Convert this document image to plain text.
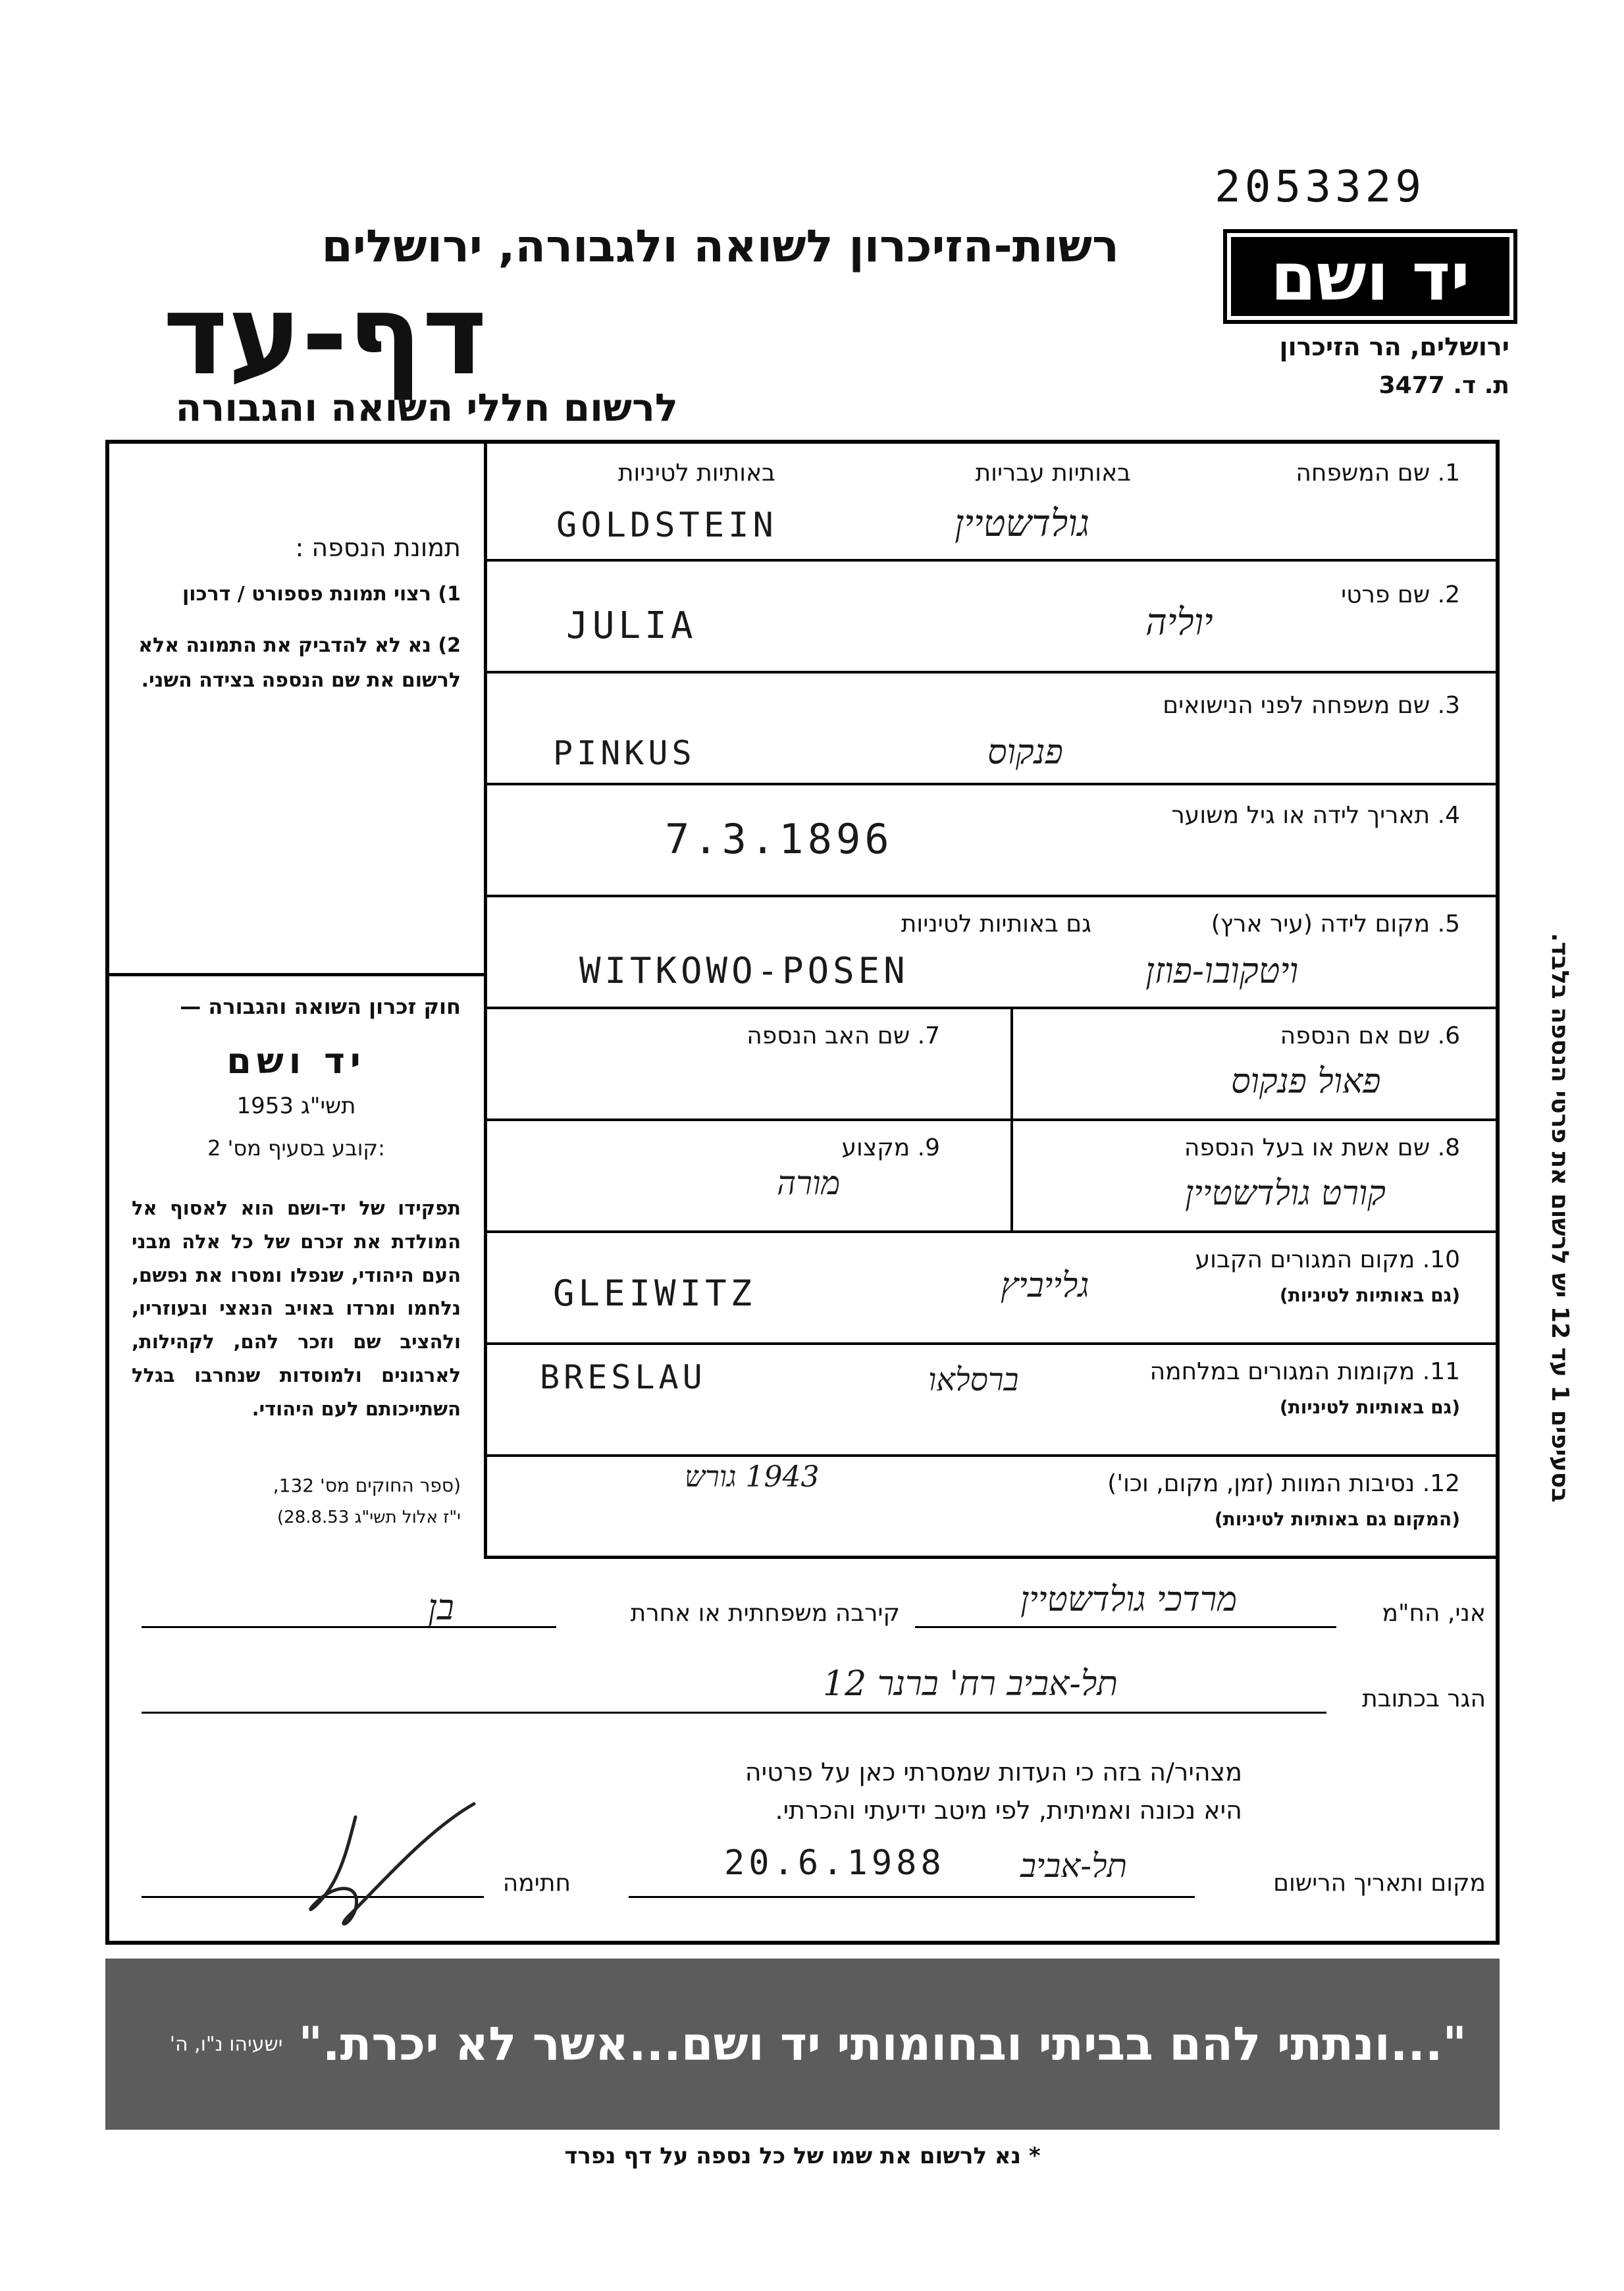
2053329
יד ושם
ירושלים, הר הזיכרון
ת. ד. 3477
רשות-הזיכרון לשואה ולגבורה, ירושלים
דף-עד
לרשום חללי השואה והגבורה
תמונת הנספה :
1) רצוי תמונת פספורט / דרכון
2) נא לא להדביק את התמונה אלא לרשום את שם הנספה בצידה השני.
חוק זכרון השואה והגבורה —
יד ושם
תשי"ג 1953
קובע בסעיף מס' 2:
תפקידו של יד-ושם הוא לאסוף אל המולדת את זכרם של כל אלה מבני העם היהודי, שנפלו ומסרו את נפשם, נלחמו ומרדו באויב הנאצי ובעוזריו, ולהציב שם וזכר להם, לקהילות, לארגונים ולמוסדות שנחרבו בגלל השתייכותם לעם היהודי.
(ספר החוקים מס' 132,
י"ז אלול תשי"ג 28.8.53)
בסעיפים 1 עד 12 יש לרשום את פרטי הנספה בלבד.
1. שם המשפחה
באותיות עבריות
באותיות לטיניות
גולדשטיין
GOLDSTEIN
2. שם פרטי
יוליה
JULIA
3. שם משפחה לפני הנישואים
פנקוס
PINKUS
4. תאריך לידה או גיל משוער
7.3.1896
5. מקום לידה (עיר ארץ)
גם באותיות לטיניות
ויטקובו-פוזן
WITKOWO-POSEN
6. שם אם הנספה
7. שם האב הנספה
פאול פנקוס
8. שם אשת או בעל הנספה
9. מקצוע
קורט גולדשטיין
מורה
10. מקום המגורים הקבוע
(גם באותיות לטיניות)
גלייביץ
GLEIWITZ
11. מקומות המגורים במלחמה
(גם באותיות לטיניות)
ברסלאו
BRESLAU
12. נסיבות המוות (זמן, מקום, וכו')
(המקום גם באותיות לטיניות)
1943 גורש
אני, הח"מ
מרדכי גולדשטיין
קירבה משפחתית או אחרת
בן
הגר בכתובת
תל-אביב רח' ברנר 12
מצהיר/ה בזה כי העדות שמסרתי כאן על פרטיה
היא נכונה ואמיתית, לפי מיטב ידיעתי והכרתי.
מקום ותאריך הרישום
תל-אביב
20.6.1988
חתימה
"...ונתתי להם בביתי ובחומותי יד ושם...אשר לא יכרת."
ישעיהו נ"ו, ה'
* נא לרשום את שמו של כל נספה על דף נפרד
